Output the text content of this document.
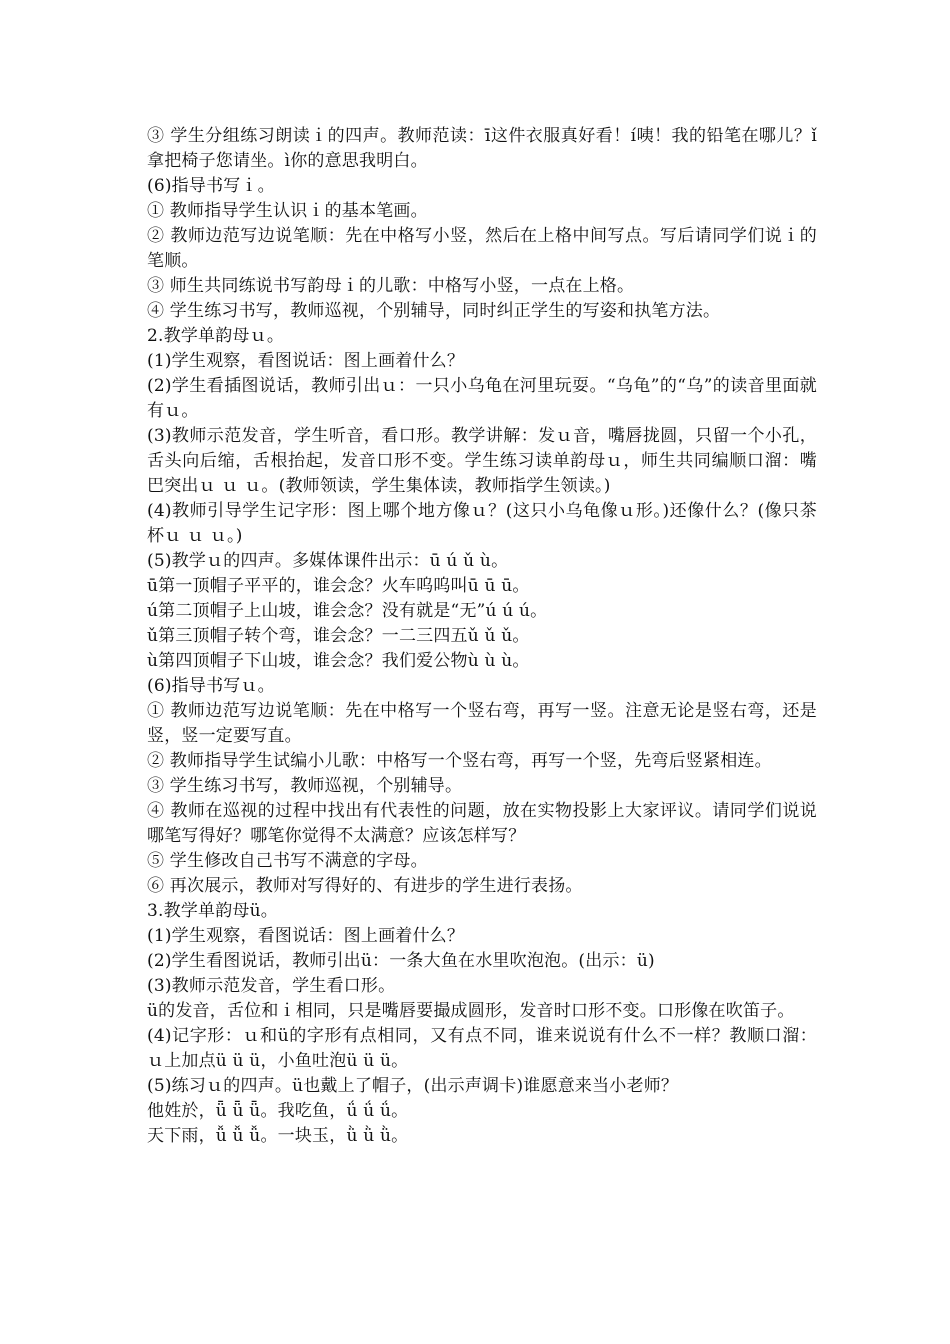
③ 学生分组练习朗读ｉ的四声。教师范读：ī这件衣服真好看！í咦！我的铅笔在哪儿？ǐ拿把椅子您请坐。ì你的意思我明白。

(6)指导书写ｉ。

① 教师指导学生认识ｉ的基本笔画。

② 教师边范写边说笔顺：先在中格写小竖，然后在上格中间写点。写后请同学们说ｉ的笔顺。

③ 师生共同练说书写韵母ｉ的儿歌：中格写小竖，一点在上格。

④ 学生练习书写，教师巡视，个别辅导，同时纠正学生的写姿和执笔方法。

2.教学单韵母ｕ。

(1)学生观察，看图说话：图上画着什么？

(2)学生看插图说话，教师引出ｕ：一只小乌龟在河里玩耍。“乌龟”的“乌”的读音里面就有ｕ。

(3)教师示范发音，学生听音，看口形。教学讲解：发ｕ音，嘴唇拢圆，只留一个小孔，舌头向后缩，舌根抬起，发音口形不变。学生练习读单韵母ｕ，师生共同编顺口溜：嘴巴突出ｕ ｕ ｕ。(教师领读，学生集体读，教师指学生领读。)

(4)教师引导学生记字形：图上哪个地方像ｕ？(这只小乌龟像ｕ形。)还像什么？(像只茶杯ｕ ｕ ｕ。)

(5)教学ｕ的四声。多媒体课件出示：ū ú ǔ ù。

ū第一顶帽子平平的，谁会念？火车呜呜叫ū ū ū。

ú第二顶帽子上山坡，谁会念？没有就是“无”ú ú ú。

ǔ第三顶帽子转个弯，谁会念？一二三四五ǔ ǔ ǔ。

ù第四顶帽子下山坡，谁会念？我们爱公物ù ù ù。

(6)指导书写ｕ。

① 教师边范写边说笔顺：先在中格写一个竖右弯，再写一竖。注意无论是竖右弯，还是竖，竖一定要写直。

② 教师指导学生试编小儿歌：中格写一个竖右弯，再写一个竖，先弯后竖紧相连。

③ 学生练习书写，教师巡视，个别辅导。

④ 教师在巡视的过程中找出有代表性的问题，放在实物投影上大家评议。请同学们说说哪笔写得好？哪笔你觉得不太满意？应该怎样写？

⑤ 学生修改自己书写不满意的字母。

⑥ 再次展示，教师对写得好的、有进步的学生进行表扬。

3.教学单韵母ü。

(1)学生观察，看图说话：图上画着什么？

(2)学生看图说话，教师引出ü：一条大鱼在水里吹泡泡。(出示：ü)

(3)教师示范发音，学生看口形。

ü的发音，舌位和ｉ相同，只是嘴唇要撮成圆形，发音时口形不变。口形像在吹笛子。

(4)记字形：ｕ和ü的字形有点相同，又有点不同，谁来说说有什么不一样？教顺口溜：ｕ上加点ü ü ü，小鱼吐泡ü ü ü。

(5)练习ｕ的四声。ü也戴上了帽子，(出示声调卡)谁愿意来当小老师？

他姓於，ǖ ǖ ǖ。我吃鱼，ǘ ǘ ǘ。

天下雨，ǚ ǚ ǚ。一块玉，ǜ ǜ ǜ。
